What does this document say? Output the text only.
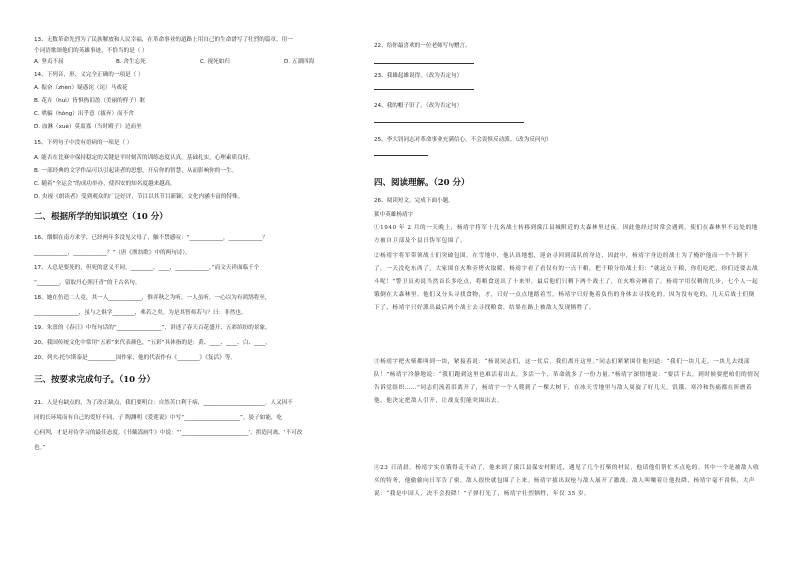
13、无数革命先烈为了民族解放和人民幸福，在革命事业的道路上用自己的生命谱写了壮烈的篇章。用一
个词语歌颂他们的英雄事迹，不恰当的是（ ）
A. 坚贞不屈	B. 舍生忘死	C. 视死如归	D. 五湖四海
14、下列音、形、义完全正确的一项是（ ）
A. 振奋（zhèn）疑惑诧（诧）马戏花
B. 花卉（huì）皆惧热泪盈（美丽的样子）眶
C. 哄骗（hǒng）出乎意（拔弃）而不舍
D. 血淋（xuè）莫衷寡（当时殿子）边而坐
15、下列句子中没有语病的一项是（ ）
A. 能否在比赛中保持稳定的关键是平时刻苦的训练态度认真，基础扎实，心理素质良好。
B. 一部经典的文学作品可以引起读者的思想，开启你的智慧，从而影响你的一生。
C. 随着“全运会”的成功举办，使四安的知名度越来越高。
D. 央视《朗读者》受到观众的广泛好评，节目以其节目新颖、文化内涵丰富的特殊。
二、根据所学的知识填空（10 分）
16、烟烟在南方求学，已经两年多没见父母了，触不禁感叹：“____________，____________？
____________，____________？”（唐《渔翁歌》中的两句诗）。
17、人总是要死的，但死的意义不同。________，____，____________。”而文天祥面临千个
“________，留取丹心照汗青”的千古名句。
18、她在仿造二人竟，其一人____________，惟弈秋之为听，一人虽听，一心以为有鸿鹄将至，
________________，虽与之俱学________，弗若之矣。为是其智弗若与？曰：非然也。
19、朱熹的《春日》中每句话的“________________”，讲述了春天百花盛开、五彩缤纷的景象。
20、我国传统文化中常用“五彩”来代表颜色，“五彩”具体指的是：黄、____、____、白、____。
20、列夫·托尔斯泰是__________国作家，他的代表作有《________》《复活》等。
三、按要求完成句子。（10 分）
21、人是有缺点的，为了改正缺点，我们要明白：自然苦口利于病，______________________。人又因不
同的长环境而有自己的爱好不同，子 陶渊明《爱莲说》中写“____________________”，晏子如能，吃
心何判，才是对待学习的最佳态度。《书戴嵩画牛》中说：“‘________________________’，拱造问禽，‘不可改
也。”
22、给你最喜欢的一位老师写句赠言。
23、我雄起雄说得。（改为否定句）
24、我的帽子旧了。（改为否定句）
25、李大钊同志对革命事业充满信心，不会畏惧反动派。（改为反问句）
四、阅读理解。（20 分）
26、阅读短文，完成下面小题。
狱中英雄杨靖宇

①1940 年 2 月的一天晚上，杨靖宇将军十几名战士转移到濛江县城附近的大森林里过夜。因此他经过时常会遇到，使们在森林里不远处的地方被自卫部及个县日伪军包围了。

②杨靖宇将军带领战士们突破包围，在雪地中，他认真地想，迎奋寻回到部队的身边，因此中，杨靖宇身边的战士为了掩护他而一个个倒下了。一天没吃东西了，大家围在火堆旁烤火取暖。杨靖宇看了看仅有的一点干粮，把干粮分给战士们：“就这点干粮，你们吃吧，你们还要去战斗呢！”警卫员劝说当然首长多吃点，将粮食送出了十来里，最后他们只剩下两个战士了，在火堆旁睡着了，杨靖宇用仅剩的几步，七个人一起饿倒在大森林里。他们又分头寻找食物，才，只好一点点地踏着雪，杨靖宇只好拖着负伤的身体去寻找吃的。因为没有吃的，几天后战士们倒下了，杨靖宇只好派出最后两个战士去寻找粮食，结果在路上被敌人发现牺牲了。

③杨靖宇把火柴都叫到一块，紧接着说：“杨说同志们，这一仗后，我们离开这里。”同志们紧紧围住他问道：“我们一块儿走，一块儿去找部队！”杨靖宇冷静地说：“我们跑到这里也难活着出去，多活一个，革命就多了一份力量。”杨靖宇深情地说：“要活下去，到时候要把咱们的情况告诉党组织……”同志们流着泪离开了，杨靖宇一个人爬到了一棵大树下，在冰天雪地里与敌人周旋了好几天，饥饿、寒冷和伤痛都在折磨着他。他决定把敌人引开，让战友们能突围出去。

④23 日清晨，杨靖宇实在饿得走不动了，他来到了濛江县保安村附近，遇见了几个打柴的村民，他请他们帮忙买点吃的。其中一个是被敌人收买的特务，他偷偷向日军告了密，敌人很快就包围了上来。杨靖宇拔出双枪与敌人展开了激战。敌人叫嚷着让他投降，杨靖宇毫不畏惧，大声说：“我是中国人，决不会投降！”子弹打光了，杨靖宇壮烈牺牲，年仅 35 岁。
